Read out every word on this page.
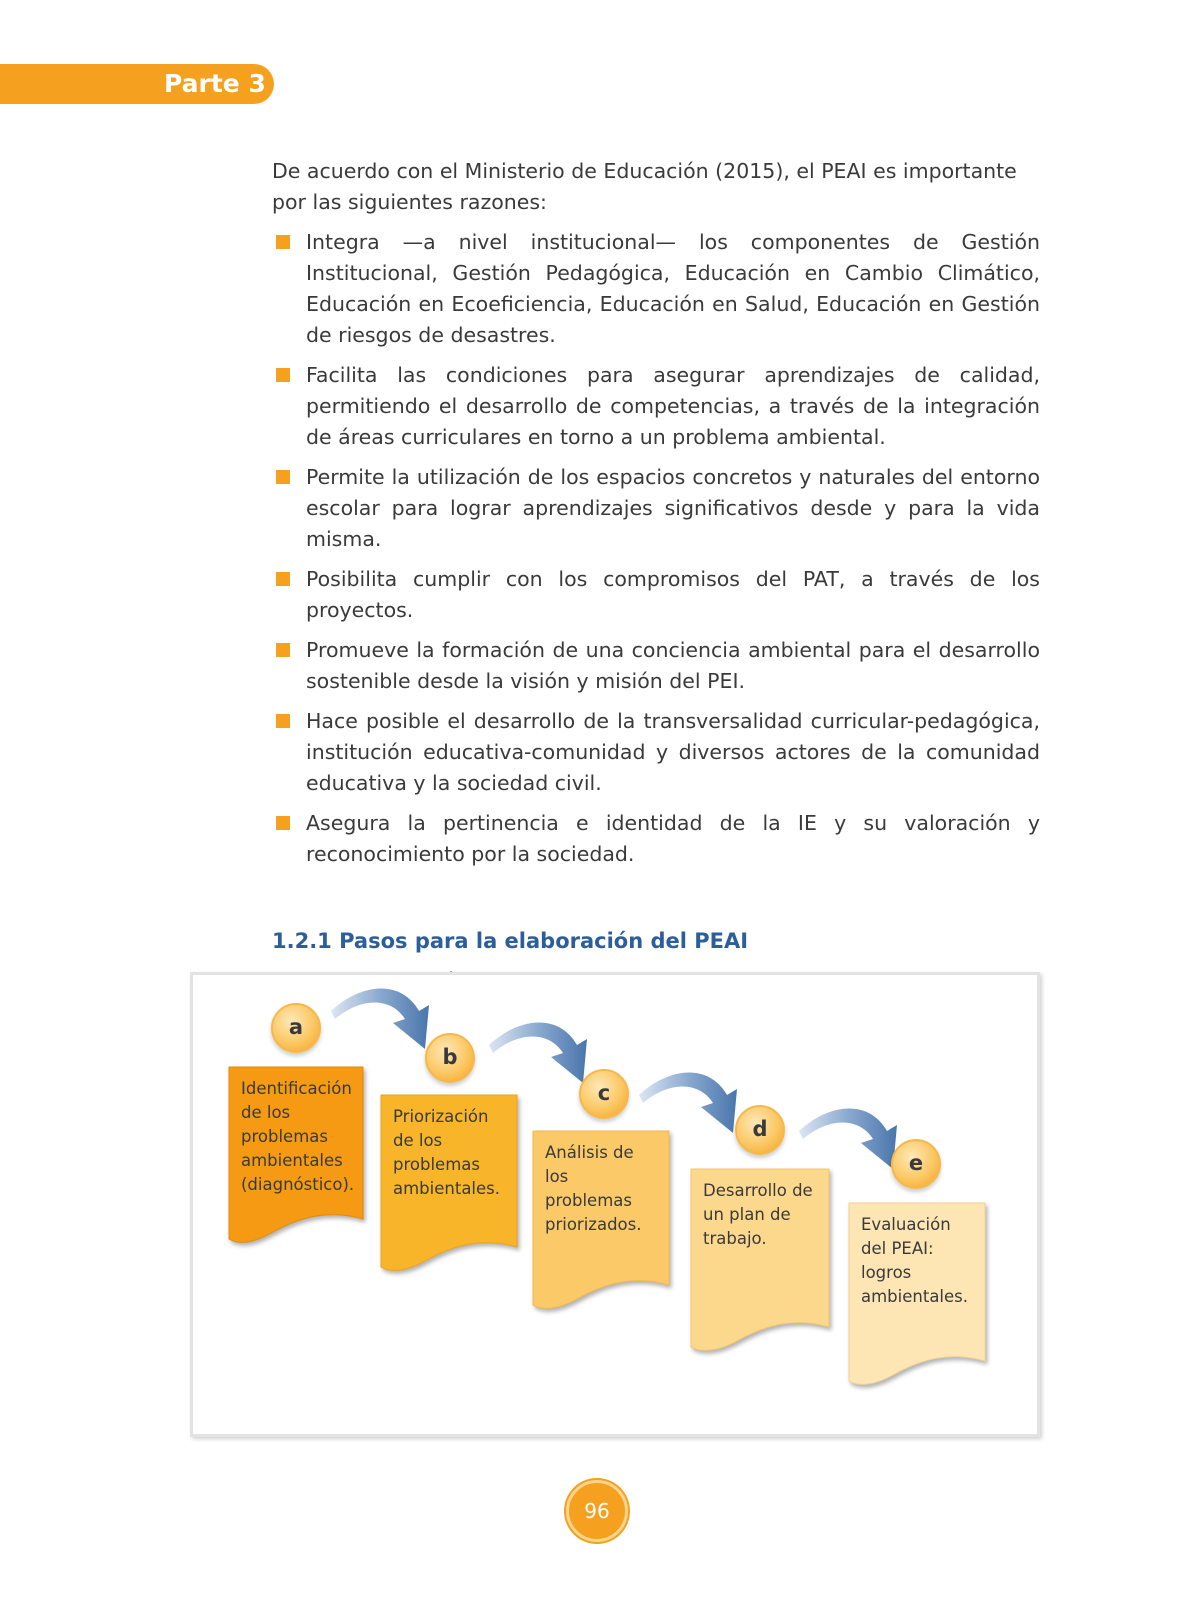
Parte 3

De acuerdo con el Ministerio de Educación (2015), el PEAI es importante por las siguientes razones:

Integra —a nivel institucional— los componentes de Gestión Institucional, Gestión Pedagógica, Educación en Cambio Climático, Educación en Ecoeficiencia, Educación en Salud, Educación en Gestión de riesgos de desastres.
Facilita las condiciones para asegurar aprendizajes de calidad, permitiendo el desarrollo de competencias, a través de la integración de áreas curriculares en torno a un problema ambiental.
Permite la utilización de los espacios concretos y naturales del entorno escolar para lograr aprendizajes significativos desde y para la vida misma.
Posibilita cumplir con los compromisos del PAT, a través de los proyectos.
Promueve la formación de una conciencia ambiental para el desarrollo sostenible desde la visión y misión del PEI.
Hace posible el desarrollo de la transversalidad curricular-pedagógica, institución educativa-comunidad y diversos actores de la comunidad educativa y la sociedad civil.
Asegura la pertinencia e identidad de la IE y su valoración y reconocimiento por la sociedad.
1.2.1 Pasos para la elaboración del PEAI

a
Identificación de los problemas ambientales (diagnóstico).
b
Priorización de los problemas ambientales.
c
Análisis de los problemas priorizados.
d
Desarrollo de un plan de trabajo.
e
Evaluación del PEAI: logros ambientales.
96
